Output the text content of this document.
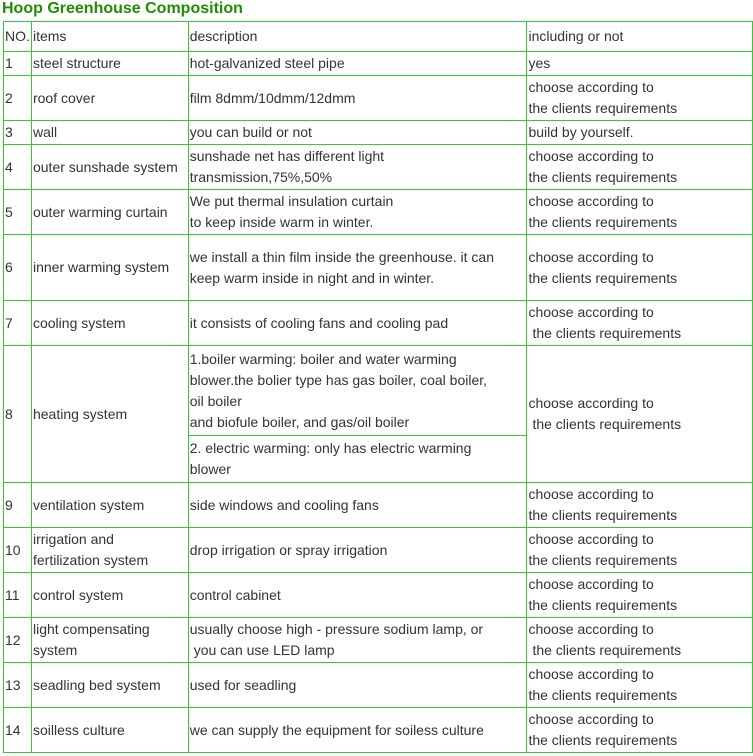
Hoop Greenhouse Composition
NO.	items	description	including or not
1	steel structure	hot-galvanized steel pipe	yes
2	roof cover	film 8dmm/10dmm/12dmm	choose according to
the clients requirements

3	wall	you can build or not	build by yourself.
4	outer sunshade system	sunshade net has different light
transmission,75%,50%	choose according to
the clients requirements

5	outer warming curtain	We put thermal insulation curtain
to keep inside warm in winter.	choose according to
the clients requirements

6	inner warming system	we install a thin film inside the greenhouse. it can keep warm inside in night and in winter.	choose according to
the clients requirements

7	cooling system	it consists of cooling fans and cooling pad	choose according to
the clients requirements

8	heating system	1.boiler warming: boiler and water warming
blower.the bolier type has gas boiler, coal boiler,
oil boiler
and biofule boiler, and gas/oil boiler	choose according to
the clients requirements

		2. electric warming: only has electric warming
blower	

9	ventilation system	side windows and cooling fans	choose according to
the clients requirements

10	irrigation and
fertilization system	drop irrigation or spray irrigation	choose according to
the clients requirements

11	control system	control cabinet	choose according to
the clients requirements

12	light compensating
system	usually choose high - pressure sodium lamp, or
you can use LED lamp	choose according to
the clients requirements

13	seadling bed system	used for seadling	choose according to
the clients requirements

14	soilless culture	we can supply the equipment for soiless culture	choose according to
the clients requirements
